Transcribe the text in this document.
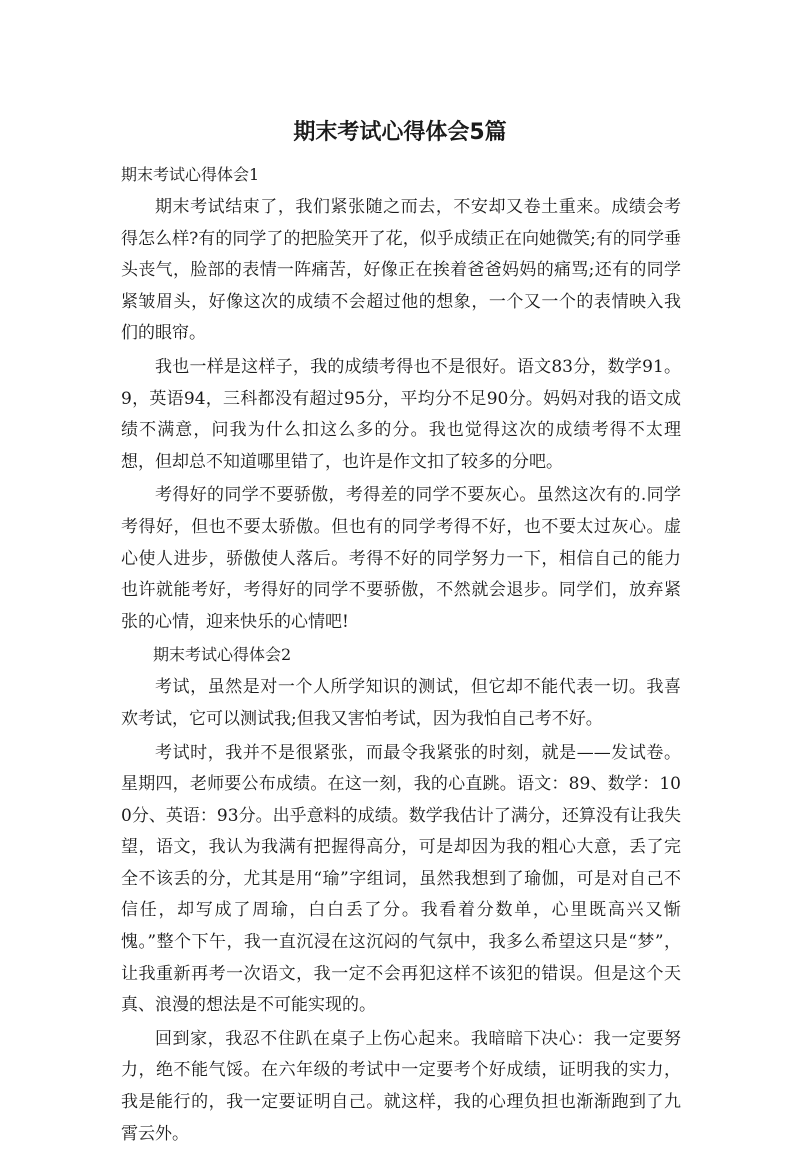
期末考试心得体会5篇

期末考试心得体会1

期末考试结束了，我们紧张随之而去，不安却又卷土重来。成绩会考得怎么样?有的同学了的把脸笑开了花，似乎成绩正在向她微笑;有的同学垂头丧气，脸部的表情一阵痛苦，好像正在挨着爸爸妈妈的痛骂;还有的同学紧皱眉头，好像这次的成绩不会超过他的想象，一个又一个的表情映入我们的眼帘。

我也一样是这样子，我的成绩考得也不是很好。语文83分，数学91。9，英语94，三科都没有超过95分，平均分不足90分。妈妈对我的语文成绩不满意，问我为什么扣这么多的分。我也觉得这次的成绩考得不太理想，但却总不知道哪里错了，也许是作文扣了较多的分吧。

考得好的同学不要骄傲，考得差的同学不要灰心。虽然这次有的.同学考得好，但也不要太骄傲。但也有的同学考得不好，也不要太过灰心。虚心使人进步，骄傲使人落后。考得不好的同学努力一下，相信自己的能力也许就能考好，考得好的同学不要骄傲，不然就会退步。同学们，放弃紧张的心情，迎来快乐的心情吧!

期末考试心得体会2

考试，虽然是对一个人所学知识的测试，但它却不能代表一切。我喜欢考试，它可以测试我;但我又害怕考试，因为我怕自己考不好。

考试时，我并不是很紧张，而最令我紧张的时刻，就是——发试卷。星期四，老师要公布成绩。在这一刻，我的心直跳。语文：89、数学：100分、英语：93分。出乎意料的成绩。数学我估计了满分，还算没有让我失望，语文，我认为我满有把握得高分，可是却因为我的粗心大意，丢了完全不该丢的分，尤其是用“瑜”字组词，虽然我想到了瑜伽，可是对自己不信任，却写成了周瑜，白白丢了分。我看着分数单，心里既高兴又惭愧。”整个下午，我一直沉浸在这沉闷的气氛中，我多么希望这只是“梦”，让我重新再考一次语文，我一定不会再犯这样不该犯的错误。但是这个天真、浪漫的想法是不可能实现的。

回到家，我忍不住趴在桌子上伤心起来。我暗暗下决心：我一定要努力，绝不能气馁。在六年级的考试中一定要考个好成绩，证明我的实力，我是能行的，我一定要证明自己。就这样，我的心理负担也渐渐跑到了九霄云外。
